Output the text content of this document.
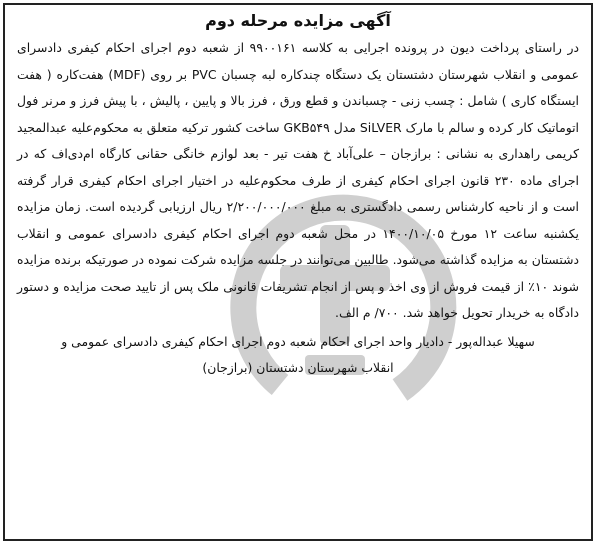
آگهی مزایده مرحله دوم

در راستای پرداخت دیون در پرونده اجرایی به کلاسه ۹۹۰۰۱۶۱ از شعبه دوم اجرای احکام کیفری دادسرای عمومی و انقلاب شهرستان دشتستان یک دستگاه چندکاره لبه چسبان PVC بر روی (MDF) هفت‌کاره ( هفت ایستگاه کاری ) شامل : چسب زنی - چسباندن و قطع ورق ، فرز بالا و پایین ، پالیش ، با پیش فرز و مرنر فول اتوماتیک کار کرده و سالم با مارک SiLVER مدل GKB۵۴۹ ساخت کشور ترکیه متعلق به محکوم‌علیه عبدالمجید کریمی راهداری به نشانی : برازجان – علی‌آباد خ هفت تیر - بعد لوازم خانگی حقانی کارگاه ام‌دی‌اف که در اجرای ماده ۲۳۰ قانون اجرای احکام کیفری از طرف محکوم‌علیه در اختیار اجرای احکام کیفری قرار گرفته است و از ناحیه کارشناس رسمی دادگستری به مبلغ ۲/۲۰۰/۰۰۰/۰۰۰ ریال ارزیابی گردیده است. زمان مزایده یکشنبه ساعت ۱۲ مورخ ۱۴۰۰/۱۰/۰۵ در محل شعبه دوم اجرای احکام کیفری دادسرای عمومی و انقلاب دشتستان به مزایده گذاشته می‌شود. طالبین می‌توانند در جلسه مزایده شرکت نموده در صورتیکه برنده مزایده شوند ۱۰٪ از قیمت فروش از وی اخذ و پس از انجام تشریفات قانونی ملک پس از تایید صحت مزایده و دستور دادگاه به خریدار تحویل خواهد شد. ۷۰۰/ م الف.

سهیلا عبداله‌پور - دادیار واحد اجرای احکام شعبه دوم اجرای احکام کیفری دادسرای عمومی و
انقلاب شهرستان دشتستان (برازجان)
